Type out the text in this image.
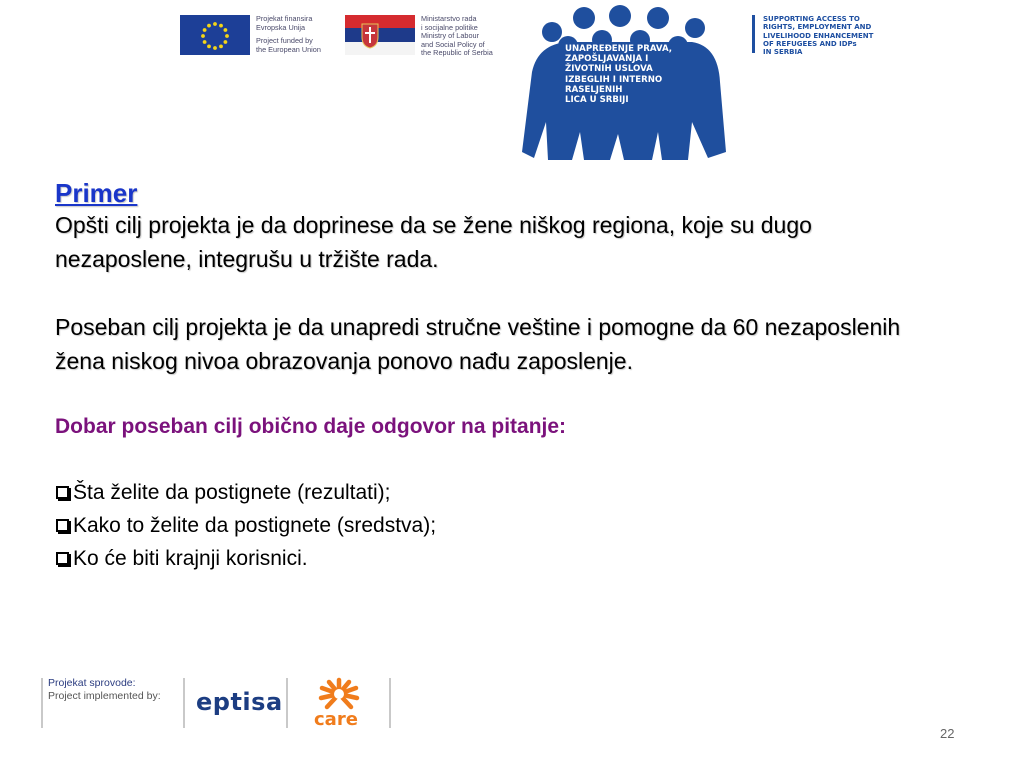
Projekat finansira
Evropska Unija
Project funded by
the European Union
Ministarstvo rada
i socijalne politike
Ministry of Labour
and Social Policy of
the Republic of Serbia	UNAPREĐENJE PRAVA,
ZAPOŠLJAVANJA I
ŽIVOTNIH USLOVA
IZBEGLIH I INTERNO
RASELJENIH
LICA U SRBIJI
SUPPORTING ACCESS TO
RIGHTS, EMPLOYMENT AND
LIVELIHOOD ENHANCEMENT
OF REFUGEES AND IDPs
IN SERBIA
Primer

Opšti cilj projekta je da doprinese da se žene niškog regiona, koje su dugo nezaposlene, integrušu u tržište rada.

Poseban cilj projekta je da unapredi stručne veštine i pomogne da 60 nezaposlenih žena niskog nivoa obrazovanja ponovo nađu zaposlenje.

Dobar poseban cilj obično daje odgovor na pitanje:
Šta želite da postignete (rezultati);
Kako to želite da postignete (sredstva);
Ko će biti krajnji korisnici.
Projekat sprovode:
Project implemented by: eptisa
care
22
